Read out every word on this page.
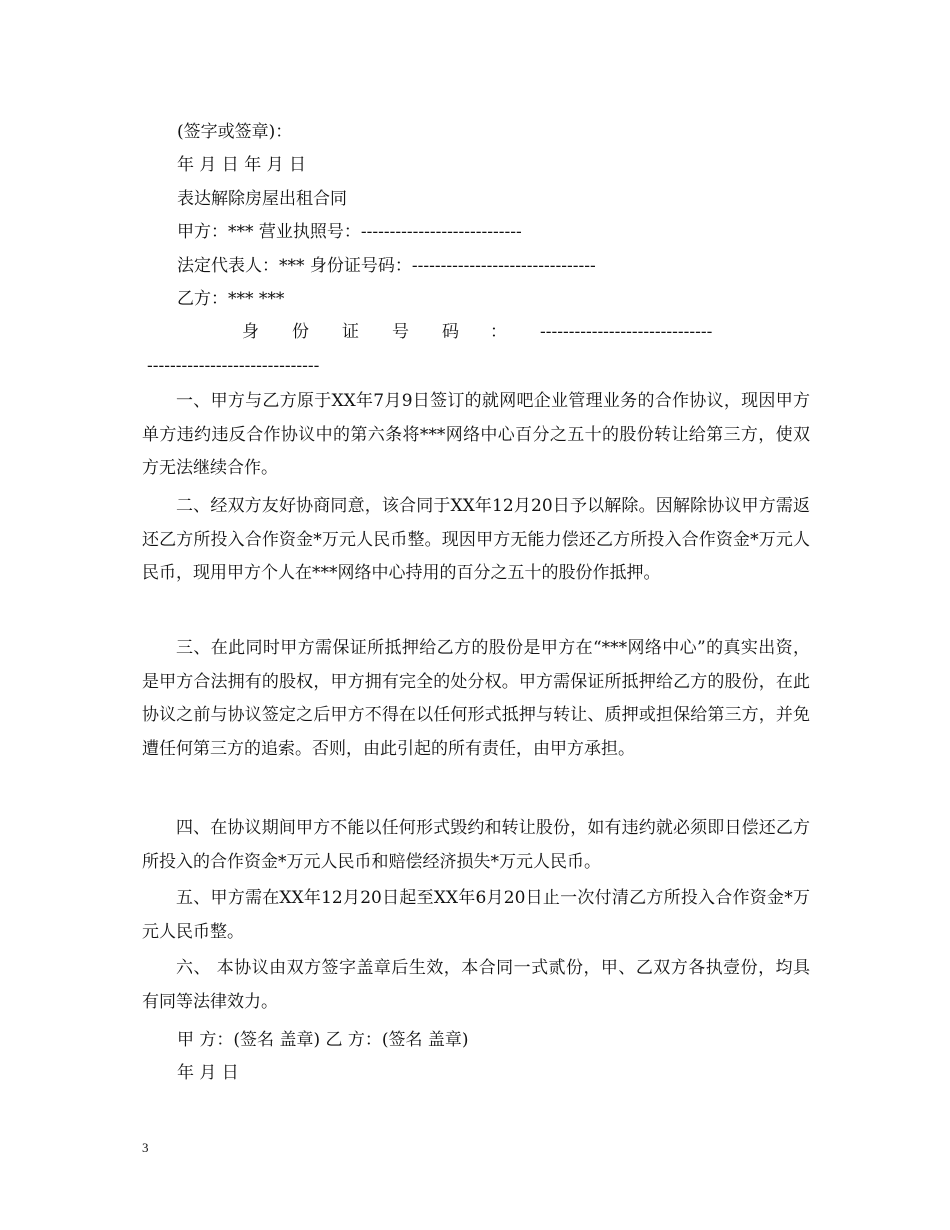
(签字或签章)：
年 月 日 年 月 日
表达解除房屋出租合同
甲方：*** 营业执照号：----------------------------
法定代表人：*** 身份证号码：--------------------------------
乙方：*** ***
身 份 证 号 码 ： ------------------------------
------------------------------
一、甲方与乙方原于XX年7月9日签订的就网吧企业管理业务的合作协议，现因甲方单方违约违反合作协议中的第六条将***网络中心百分之五十的股份转让给第三方，使双方无法继续合作。
二、经双方友好协商同意，该合同于XX年12月20日予以解除。因解除协议甲方需返还乙方所投入合作资金*万元人民币整。现因甲方无能力偿还乙方所投入合作资金*万元人民币，现用甲方个人在***网络中心持用的百分之五十的股份作抵押。
三、在此同时甲方需保证所抵押给乙方的股份是甲方在“***网络中心”的真实出资，是甲方合法拥有的股权，甲方拥有完全的处分权。甲方需保证所抵押给乙方的股份，在此协议之前与协议签定之后甲方不得在以任何形式抵押与转让、质押或担保给第三方，并免遭任何第三方的追索。否则，由此引起的所有责任，由甲方承担。
四、在协议期间甲方不能以任何形式毁约和转让股份，如有违约就必须即日偿还乙方所投入的合作资金*万元人民币和赔偿经济损失*万元人民币。
五、甲方需在XX年12月20日起至XX年6月20日止一次付清乙方所投入合作资金*万元人民币整。
六、 本协议由双方签字盖章后生效，本合同一式贰份，甲、乙双方各执壹份，均具有同等法律效力。
甲 方：(签名 盖章) 乙 方：(签名 盖章)
年 月 日
3
